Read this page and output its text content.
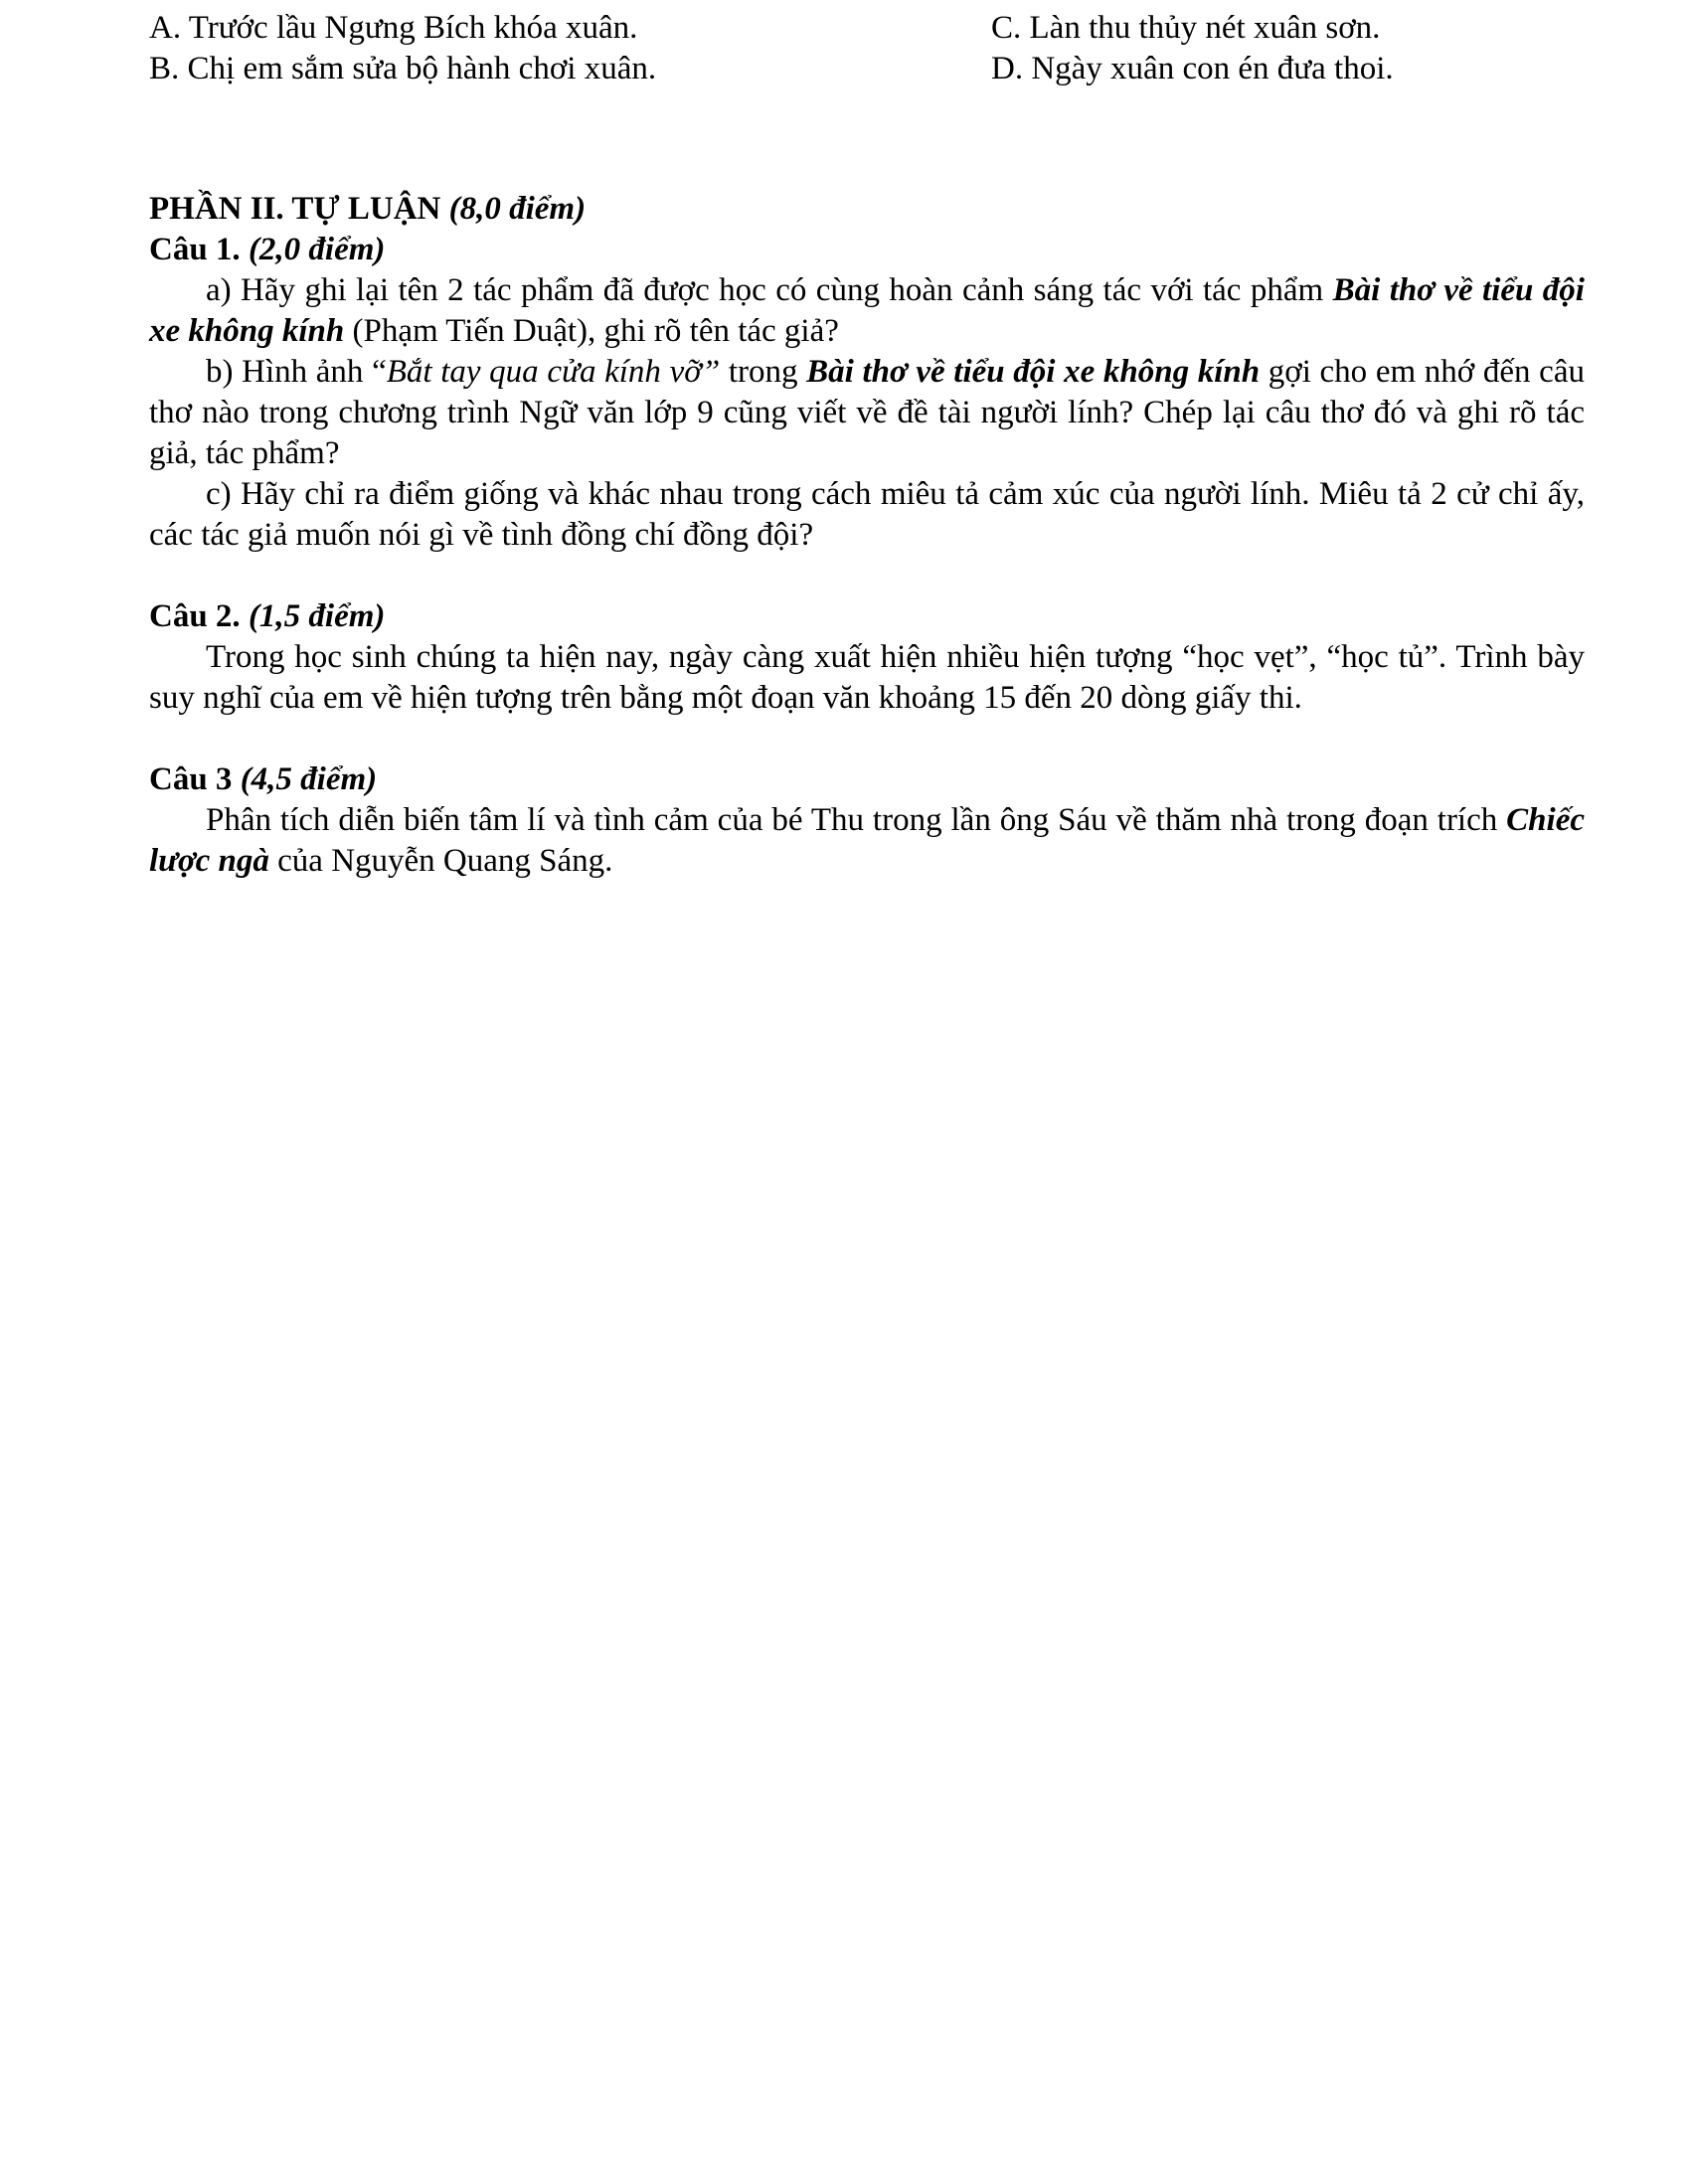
A. Trước lầu Ngưng Bích khóa xuân.	C. Làn thu thủy nét xuân sơn.
B. Chị em sắm sửa bộ hành chơi xuân.	D. Ngày xuân con én đưa thoi.
PHẦN II. TỰ LUẬN (8,0 điểm)
Câu 1. (2,0 điểm)
a) Hãy ghi lại tên 2 tác phẩm đã được học có cùng hoàn cảnh sáng tác với tác phẩm Bài thơ về tiểu đội xe không kính (Phạm Tiến Duật), ghi rõ tên tác giả?
b) Hình ảnh “Bắt tay qua cửa kính vỡ” trong Bài thơ về tiểu đội xe không kính gợi cho em nhớ đến câu thơ nào trong chương trình Ngữ văn lớp 9 cũng viết về đề tài người lính? Chép lại câu thơ đó và ghi rõ tác giả, tác phẩm?
c) Hãy chỉ ra điểm giống và khác nhau trong cách miêu tả cảm xúc của người lính. Miêu tả 2 cử chỉ ấy, các tác giả muốn nói gì về tình đồng chí đồng đội?
Câu 2. (1,5 điểm)
Trong học sinh chúng ta hiện nay, ngày càng xuất hiện nhiều hiện tượng “học vẹt”, “học tủ”. Trình bày suy nghĩ của em về hiện tượng trên bằng một đoạn văn khoảng 15 đến 20 dòng giấy thi.
Câu 3 (4,5 điểm)
Phân tích diễn biến tâm lí và tình cảm của bé Thu trong lần ông Sáu về thăm nhà trong đoạn trích Chiếc lược ngà của Nguyễn Quang Sáng.
